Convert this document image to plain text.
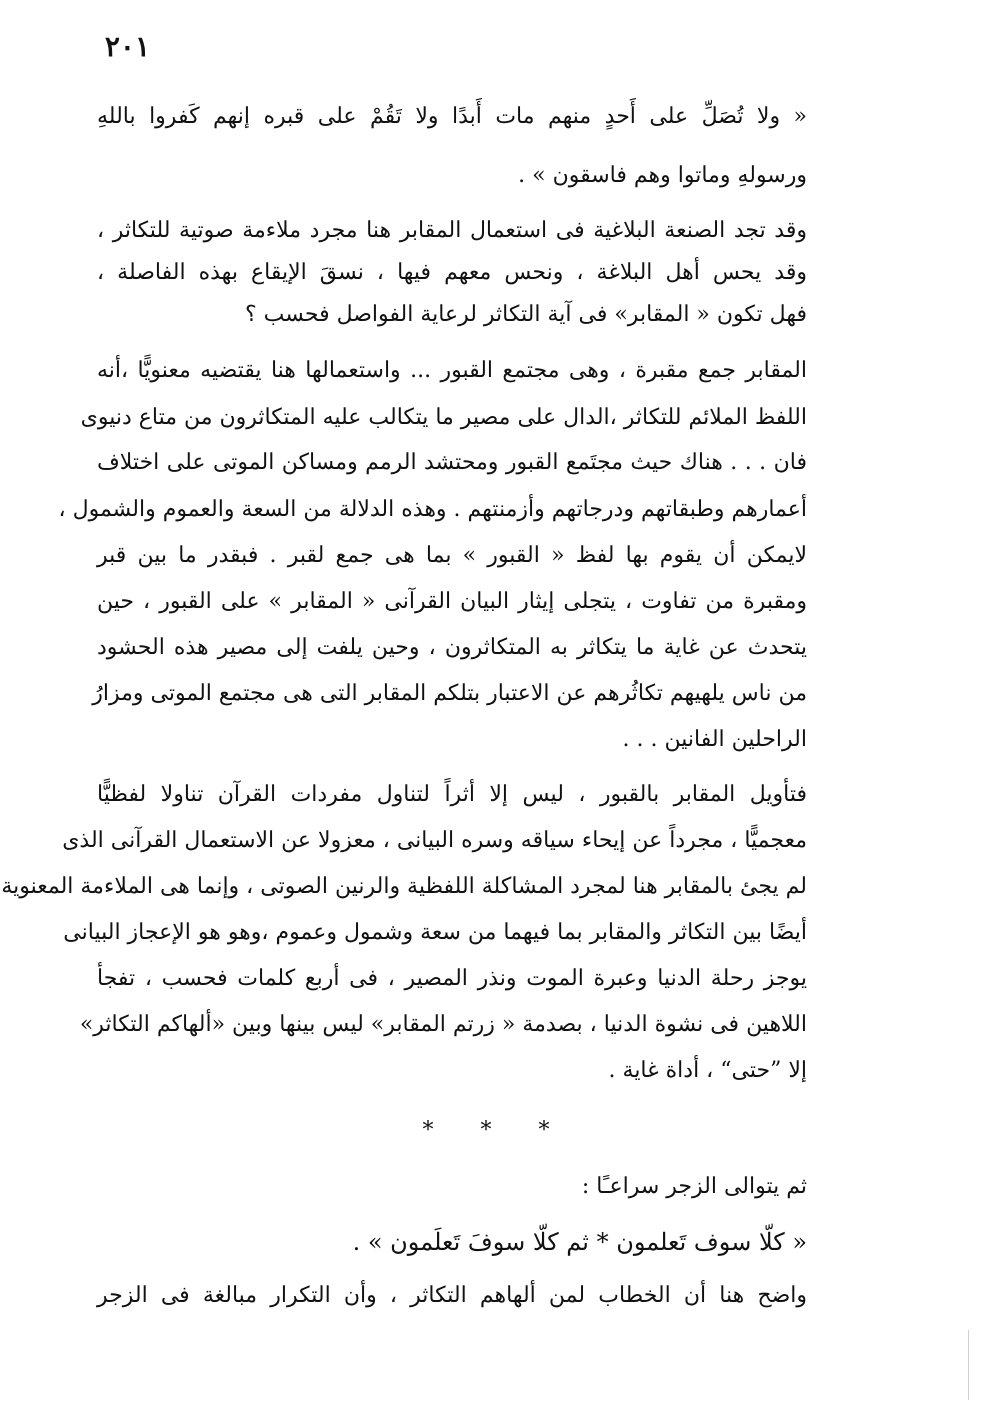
٢٠١
« ولا تُصَلِّ على أَحدٍ منهم مات أَبدًا ولا تَقُمْ على قبره إنهم كَفروا باللهِ
ورسولهِ وماتوا وهم فاسقون » .
وقد تجد الصنعة البلاغية فى استعمال المقابر هنا مجرد ملاءمة صوتية للتكاثر ،
وقد يحس أهل البلاغة ، ونحس معهم فيها ، نسقَ الإيقاع بهذه الفاصلة ،
فهل تكون « المقابر» فى آية التكاثر لرعاية الفواصل فحسب ؟
المقابر جمع مقبرة ، وهى مجتمع القبور ... واستعمالها هنا يقتضيه معنويًّا ،أنه
اللفظ الملائم للتكاثر ،الدال على مصير ما يتكالب عليه المتكاثرون من متاع دنيوى
فان . . . هناك حيث مجتَمع القبور ومحتشد الرمم ومساكن الموتى على اختلاف
أعمارهم وطبقاتهم ودرجاتهم وأزمنتهم . وهذه الدلالة من السعة والعموم والشمول ،
لايمكن أن يقوم بها لفظ « القبور » بما هى جمع لقبر . فبقدر ما بين قبر
ومقبرة من تفاوت ، يتجلى إيثار البيان القرآنى « المقابر » على القبور ، حين
يتحدث عن غاية ما يتكاثر به المتكاثرون ، وحين يلفت إلى مصير هذه الحشود
من ناس يلهيهم تكاثُرهم عن الاعتبار بتلكم المقابر التى هى مجتمع الموتى ومزارُ
الراحلين الفانين . . .
فتأويل المقابر بالقبور ، ليس إلا أثراً لتناول مفردات القرآن تناولا لفظيًّا
معجميًّا ، مجرداً عن إيحاء سياقه وسره البيانى ، معزولا عن الاستعمال القرآنى الذى
لم يجئ بالمقابر هنا لمجرد المشاكلة اللفظية والرنين الصوتى ، وإنما هى الملاءمة المعنوية
أيضًا بين التكاثر والمقابر بما فيهما من سعة وشمول وعموم ،وهو هو الإعجاز البيانى
يوجز رحلة الدنيا وعبرة الموت ونذر المصير ، فى أربع كلمات فحسب ، تفجأ
اللاهين فى نشوة الدنيا ، بصدمة « زرتم المقابر» ليس بينها وبين «ألهاكم التكاثر»
إلا ”حتى“ ، أداة غاية .
* * *
ثم يتوالى الزجر سراعـًا :
« كلّا سوف تَعلمون * ثم كلّا سوفَ تَعلَمون » .
واضح هنا أن الخطاب لمن ألهاهم التكاثر ، وأن التكرار مبالغة فى الزجر
